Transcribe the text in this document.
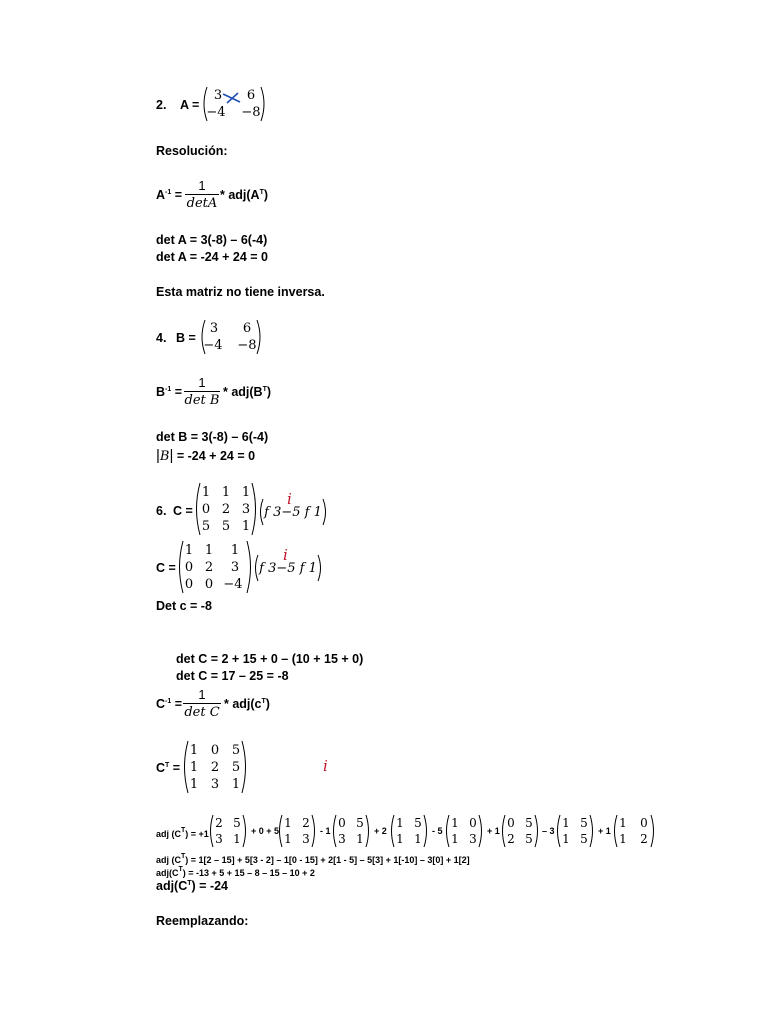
2. A =
3	6
−4 −8
Resolución:
$A^{-1}$ =
1
detA
* $adj(A^T)$
det A = 3(-8) – 6(-4)
det A = -24 + 24 = 0
Esta matriz no tiene inversa.
4. B =
3	6
−4 −8
$B^{-1}$ =
1
det B
* $adj(B^T)$
det B = 3(-8) – 6(-4)
|B| = -24 + 24 = 0
6. C =
1 1 1
0 2 3
5 5 1
f 3−5 f 1
i
C =
1 1 1
0 2 3
0 0 −4
f 3−5 f 1
i
Det c = -8
det C = 2 + 15 + 0 – (10 + 15 + 0)
det C = 17 – 25 = -8
$C^{-1}$ =
1
det C
* $adj(c^T)$
$C^T$ =
1 0 5
1 2 5
1 3 1
i
adj $(C^T) = +1$
2 5
3 1
+ 0 + 5
1 2
1 3
- 1
0 5
3 1
+ 2
1 5
1 1
- 5
1 0
1 3
+ 1
0 5
2 5
– 3
1 5
1 5
+ 1
1 0
1 2
adj $(C^T) = 1[2 - 15] + 5[3 - 2] - 1[0 - 15] + 2[1 - 5] - 5[3] + 1[-10] - 3[0] + 1[2]$
$adj(C^T) = -13 + 5 + 15 - 8 - 15 - 10 + 2$
$adj(C^T) = -24$
Reemplazando:
